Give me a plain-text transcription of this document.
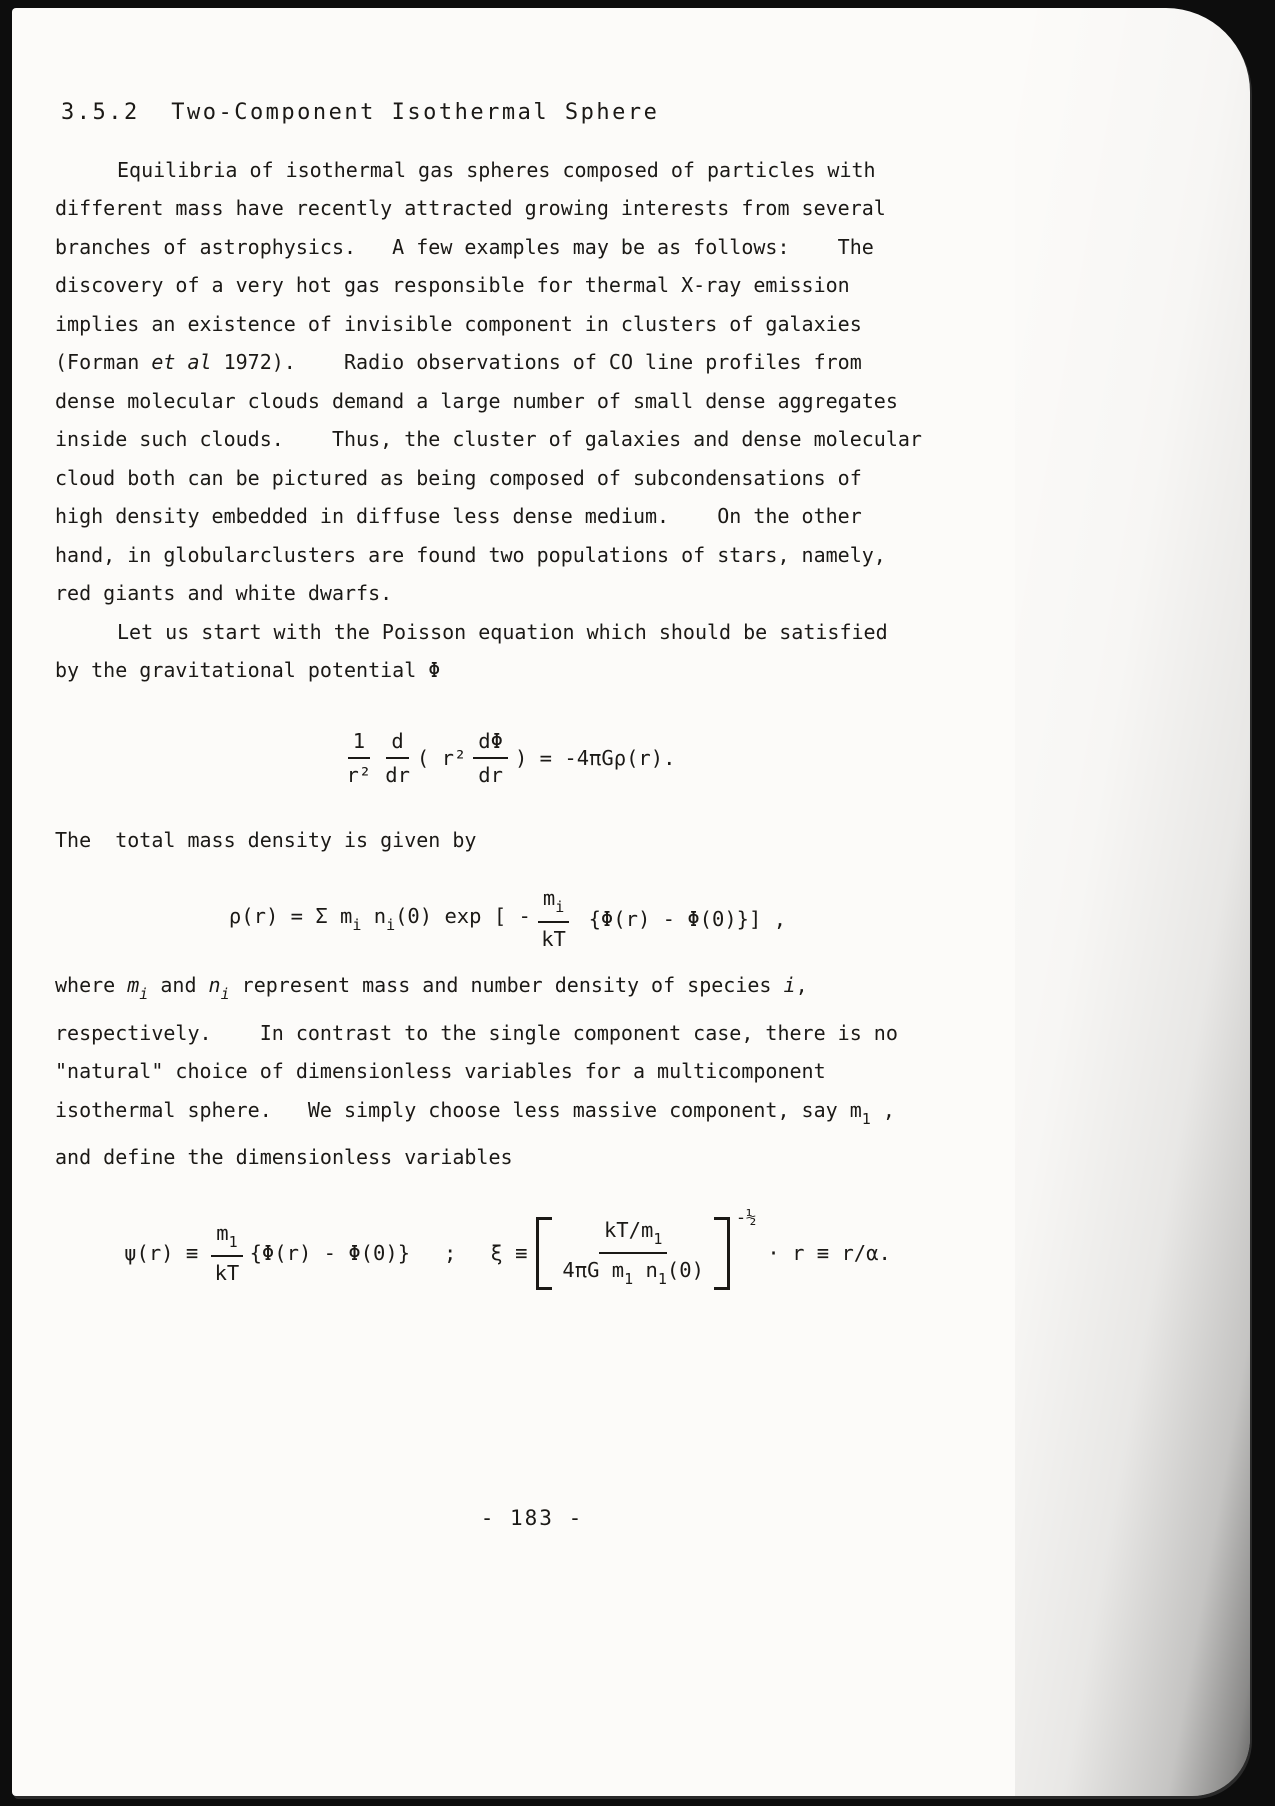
3.5.2  Two-Component Isothermal Sphere
Equilibria of isothermal gas spheres composed of particles with
different mass have recently attracted growing interests from several
branches of astrophysics.   A few examples may be as follows:    The
discovery of a very hot gas responsible for thermal X-ray emission
implies an existence of invisible component in clusters of galaxies
(Forman et al 1972).    Radio observations of CO line profiles from
dense molecular clouds demand a large number of small dense aggregates
inside such clouds.    Thus, the cluster of galaxies and dense molecular
cloud both can be pictured as being composed of subcondensations of
high density embedded in diffuse less dense medium.    On the other
hand, in globularclusters are found two populations of stars, namely,
red giants and white dwarfs.
Let us start with the Poisson equation which should be satisfied
by the gravitational potential Φ
$\frac{1}{\text{r²}} \frac{d}{dr}$ ( $r^2 \frac{d\Phi}{dr}$ ) = -4πGρ(r).
The  total mass density is given by
ρ(r) = Σ $m_i$ $n_i(0)$ exp [ - $\frac{m_i}{kT} \{\Phi(r) - \Phi(0)\}$] ,
where $m_i$ and $n_i$ represent mass and number density of species i,
respectively.    In contrast to the single component case, there is no
"natural" choice of dimensionless variables for a multicomponent
isothermal sphere.   We simply choose less massive component, say $m_1$ ,
and define the dimensionless variables
$\psi(r) \equiv \frac{m_1}{kT} \{\Phi(r) - \Phi(0)\}$ ; $\xi \equiv \frac{kT/m_1}{4\pi G m_1 n_1(0)}$ -½
· r ≡ r/α.
- 183 -
